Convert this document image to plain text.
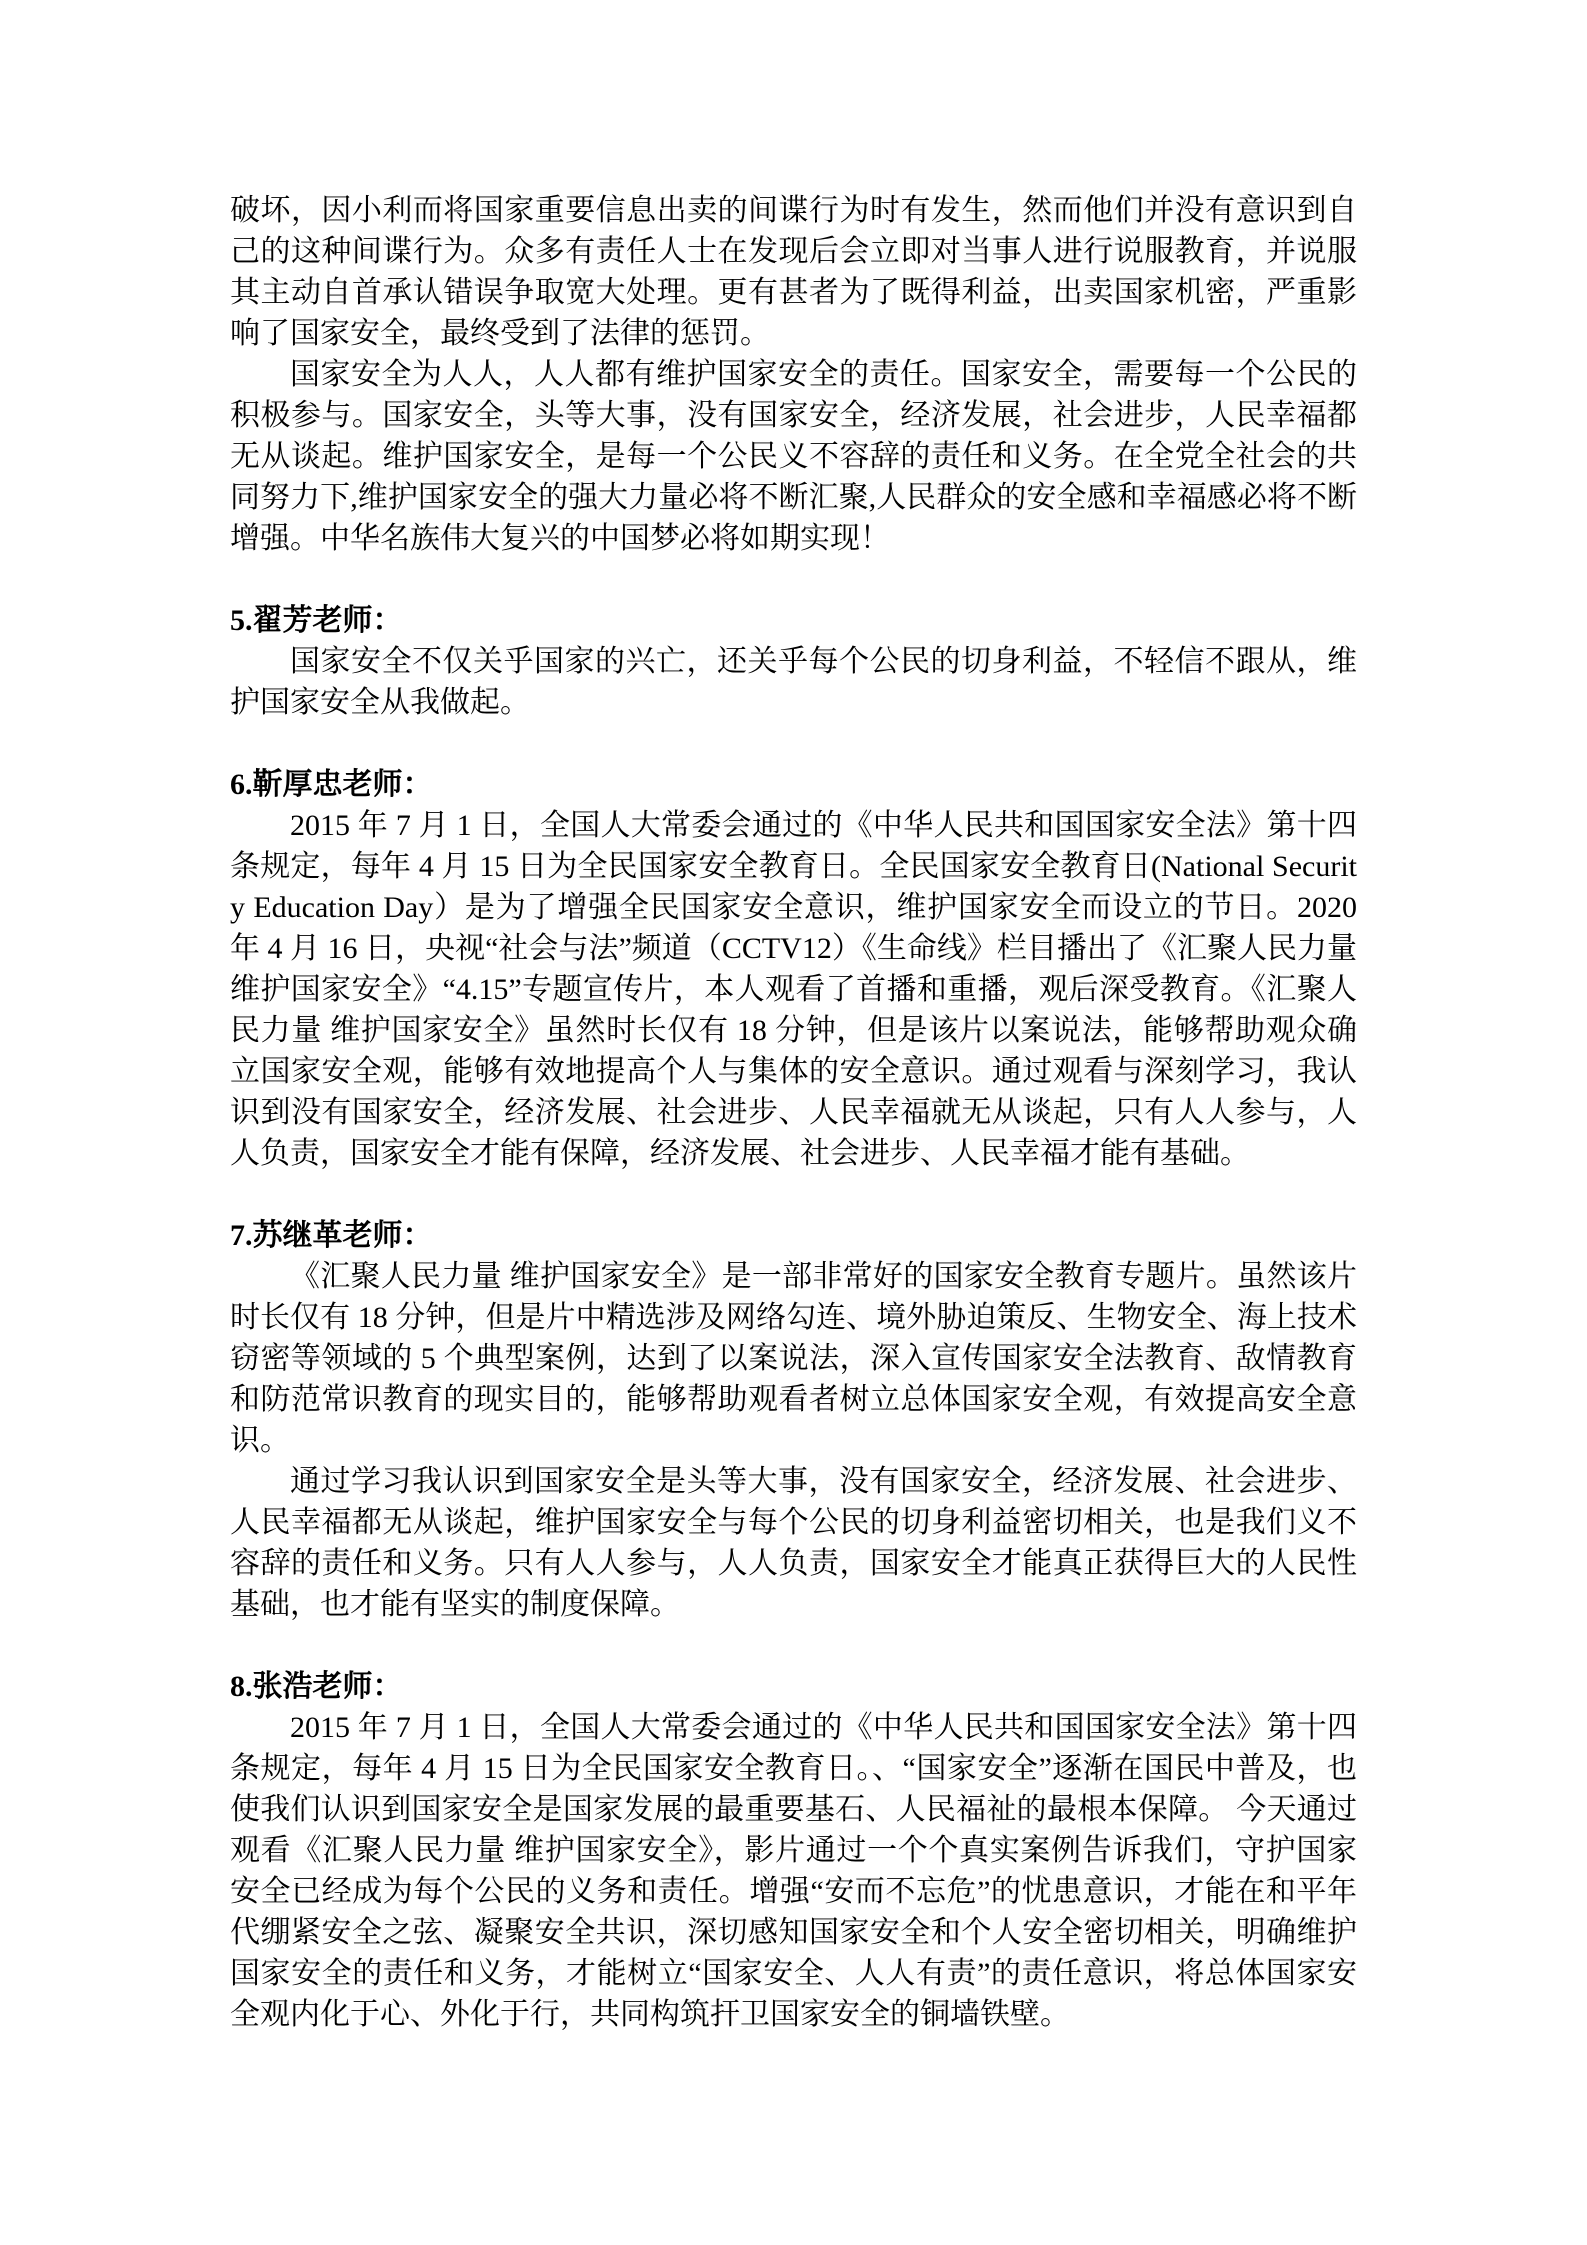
破坏，因小利而将国家重要信息出卖的间谍行为时有发生，然而他们并没有意识到自己的这种间谍行为。众多有责任人士在发现后会立即对当事人进行说服教育，并说服其主动自首承认错误争取宽大处理。更有甚者为了既得利益，出卖国家机密，严重影响了国家安全，最终受到了法律的惩罚。

国家安全为人人，人人都有维护国家安全的责任。国家安全，需要每一个公民的积极参与。国家安全，头等大事，没有国家安全，经济发展，社会进步，人民幸福都无从谈起。维护国家安全，是每一个公民义不容辞的责任和义务。在全党全社会的共同努力下,维护国家安全的强大力量必将不断汇聚,人民群众的安全感和幸福感必将不断增强。中华名族伟大复兴的中国梦必将如期实现！

5.翟芳老师：

国家安全不仅关乎国家的兴亡，还关乎每个公民的切身利益，不轻信不跟从，维护国家安全从我做起。

6.靳厚忠老师：

2015 年 7 月 1 日，全国人大常委会通过的《中华人民共和国国家安全法》第十四条规定，每年 4 月 15 日为全民国家安全教育日。全民国家安全教育日(National Security Education Day）是为了增强全民国家安全意识，维护国家安全而设立的节日。2020 年 4 月 16 日，央视“社会与法”频道（CCTV12）《生命线》栏目播出了《汇聚人民力量 维护国家安全》“4.15”专题宣传片，本人观看了首播和重播，观后深受教育。《汇聚人民力量 维护国家安全》虽然时长仅有 18 分钟，但是该片以案说法，能够帮助观众确立国家安全观，能够有效地提高个人与集体的安全意识。通过观看与深刻学习，我认识到没有国家安全，经济发展、社会进步、人民幸福就无从谈起，只有人人参与，人人负责，国家安全才能有保障，经济发展、社会进步、人民幸福才能有基础。

7.苏继革老师：

《汇聚人民力量 维护国家安全》是一部非常好的国家安全教育专题片。虽然该片时长仅有 18 分钟，但是片中精选涉及网络勾连、境外胁迫策反、生物安全、海上技术窃密等领域的 5 个典型案例，达到了以案说法，深入宣传国家安全法教育、敌情教育和防范常识教育的现实目的，能够帮助观看者树立总体国家安全观，有效提高安全意识。

通过学习我认识到国家安全是头等大事，没有国家安全，经济发展、社会进步、人民幸福都无从谈起，维护国家安全与每个公民的切身利益密切相关，也是我们义不容辞的责任和义务。只有人人参与，人人负责，国家安全才能真正获得巨大的人民性基础，也才能有坚实的制度保障。

8.张浩老师：

2015 年 7 月 1 日，全国人大常委会通过的《中华人民共和国国家安全法》第十四条规定，每年 4 月 15 日为全民国家安全教育日。、“国家安全”逐渐在国民中普及，也使我们认识到国家安全是国家发展的最重要基石、人民福祉的最根本保障。 今天通过观看《汇聚人民力量 维护国家安全》，影片通过一个个真实案例告诉我们，守护国家安全已经成为每个公民的义务和责任。增强“安而不忘危”的忧患意识，才能在和平年代绷紧安全之弦、凝聚安全共识，深切感知国家安全和个人安全密切相关，明确维护国家安全的责任和义务，才能树立“国家安全、人人有责”的责任意识，将总体国家安全观内化于心、外化于行，共同构筑扞卫国家安全的铜墙铁壁。
